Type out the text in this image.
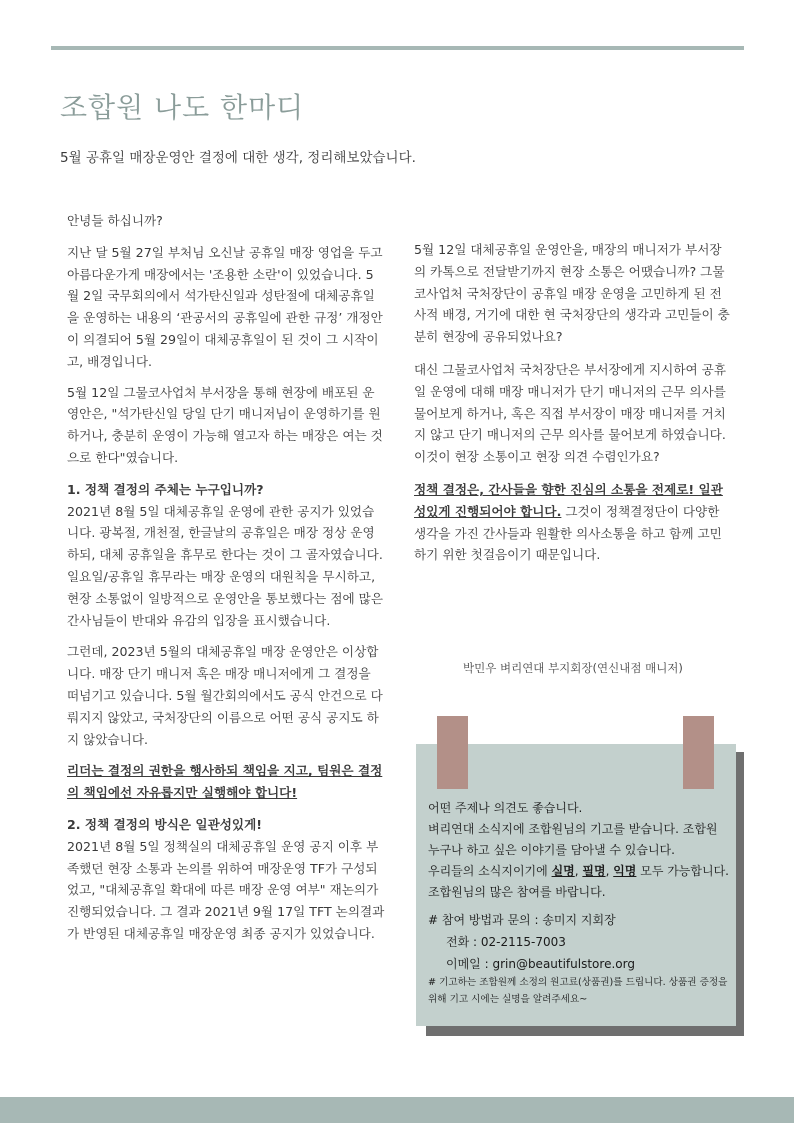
조합원 나도 한마디
5월 공휴일 매장운영안 결정에 대한 생각, 정리해보았습니다.

안녕들 하십니까?

지난 달 5월 27일 부처님 오신날 공휴일 매장 영업을 두고 아름다운가게 매장에서는 '조용한 소란'이 있었습니다. 5월 2일 국무회의에서 석가탄신일과 성탄절에 대체공휴일을 운영하는 내용의 ‘관공서의 공휴일에 관한 규정’ 개정안이 의결되어 5월 29일이 대체공휴일이 된 것이 그 시작이고, 배경입니다.

5월 12일 그물코사업처 부서장을 통해 현장에 배포된 운영안은, "석가탄신일 당일 단기 매니저님이 운영하기를 원하거나, 충분히 운영이 가능해 열고자 하는 매장은 여는 것으로 한다"였습니다.

1. 정책 결정의 주체는 누구입니까?

2021년 8월 5일 대체공휴일 운영에 관한 공지가 있었습니다. 광복절, 개천절, 한글날의 공휴일은 매장 정상 운영하되, 대체 공휴일을 휴무로 한다는 것이 그 골자였습니다. 일요일/공휴일 휴무라는 매장 운영의 대원칙을 무시하고, 현장 소통없이 일방적으로 운영안을 통보했다는 점에 많은 간사님들이 반대와 유감의 입장을 표시했습니다.

그런데, 2023년 5월의 대체공휴일 매장 운영안은 이상합니다. 매장 단기 매니저 혹은 매장 매니저에게 그 결정을 떠넘기고 있습니다. 5월 월간회의에서도 공식 안건으로 다뤄지지 않았고, 국처장단의 이름으로 어떤 공식 공지도 하지 않았습니다.

리더는 결정의 권한을 행사하되 책임을 지고, 팀원은 결정의 책임에선 자유롭지만 실행해야 합니다!

2. 정책 결정의 방식은 일관성있게!

2021년 8월 5일 정책실의 대체공휴일 운영 공지 이후 부족했던 현장 소통과 논의를 위하여 매장운영 TF가 구성되었고, "대체공휴일 확대에 따른 매장 운영 여부" 재논의가 진행되었습니다. 그 결과 2021년 9월 17일 TFT 논의결과가 반영된 대체공휴일 매장운영 최종 공지가 있었습니다.

5월 12일 대체공휴일 운영안을, 매장의 매니저가 부서장의 카톡으로 전달받기까지 현장 소통은 어땠습니까? 그물코사업처 국처장단이 공휴일 매장 운영을 고민하게 된 전사적 배경, 거기에 대한 현 국처장단의 생각과 고민들이 충분히 현장에 공유되었나요?

대신 그물코사업처 국처장단은 부서장에게 지시하여 공휴일 운영에 대해 매장 매니저가 단기 매니저의 근무 의사를 물어보게 하거나, 혹은 직접 부서장이 매장 매니저를 거치지 않고 단기 매니저의 근무 의사를 물어보게 하였습니다. 이것이 현장 소통이고 현장 의견 수렴인가요?

정책 결정은, 간사들을 향한 진심의 소통을 전제로! 일관성있게 진행되어야 합니다. 그것이 정책결정단이 다양한 생각을 가진 간사들과 원활한 의사소통을 하고 함께 고민하기 위한 첫걸음이기 때문입니다.

박민우 벼리연대 부지회장(연신내점 매니저)

어떤 주제나 의견도 좋습니다.

벼리연대 소식지에 조합원님의 기고를 받습니다. 조합원 누구나 하고 싶은 이야기를 담아낼 수 있습니다.

우리들의 소식지이기에 실명, 필명, 익명 모두 가능합니다. 조합원님의 많은 참여를 바랍니다.

# 참여 방법과 문의 : 송미지 지회장
전화 : 02-2115-7003
이메일 : grin@beautifulstore.org
# 기고하는 조합원께 소정의 원고료(상품권)를 드립니다. 상품권 증정을 위해 기고 시에는 실명을 알려주세요~
